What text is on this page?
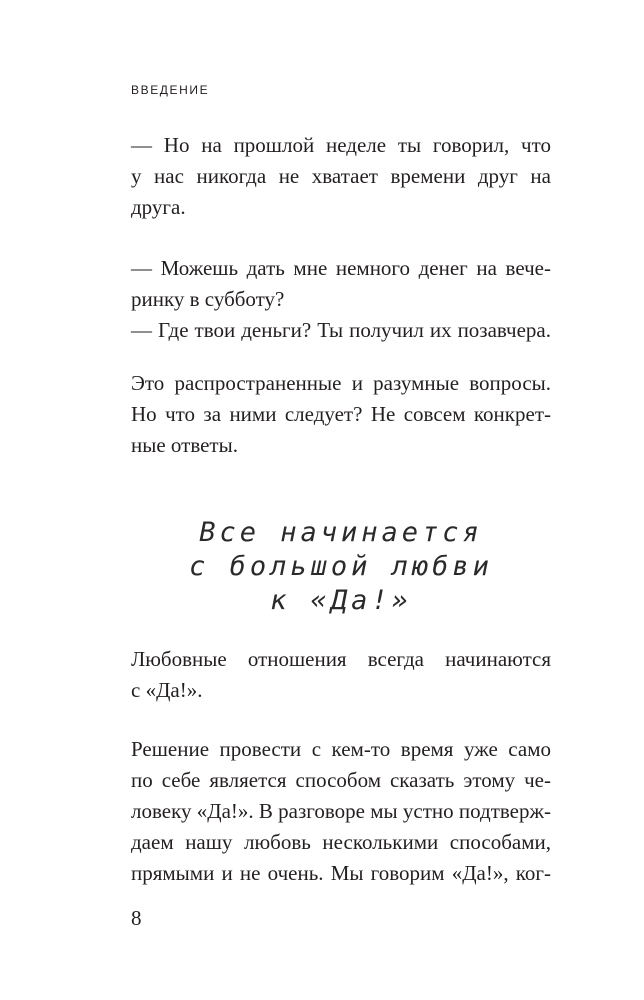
ВВЕДЕНИЕ
— Но на прошлой неделе ты говорил, что
у нас никогда не хватает времени друг на
друга.
— Можешь дать мне немного денег на вече-
ринку в субботу?
— Где твои деньги? Ты получил их позавчера.
Это распространенные и разумные вопросы.
Но что за ними следует? Не совсем конкрет-
ные ответы.
Все начинается
с большой любви
к «Да!»
Любовные отношения всегда начинаются
с «Да!».
Решение провести с кем-то время уже само
по себе является способом сказать этому че-
ловеку «Да!». В разговоре мы устно подтверж-
даем нашу любовь несколькими способами,
прямыми и не очень. Мы говорим «Да!», ког-
8
